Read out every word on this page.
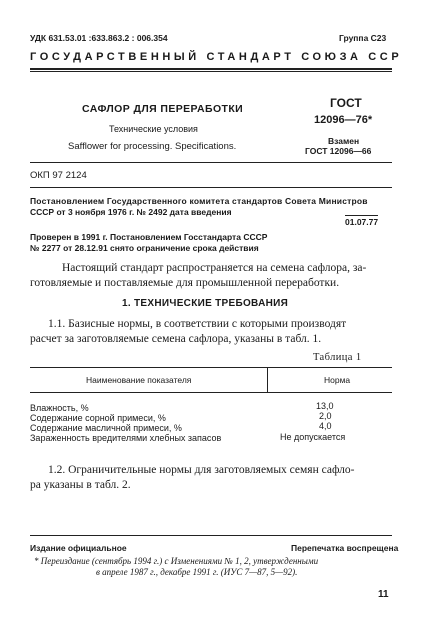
УДК 631.53.01 :633.863.2 : 006.354	Группа С23
ГОСУДАРСТВЕННЫЙ СТАНДАРТ СОЮЗА ССР
САФЛОР ДЛЯ ПЕРЕРАБОТКИ
Технические условия
Safflower for processing. Specifications.
ГОСТ
12096—76*
Взамен
ГОСТ 12096—66
ОКП 97 2124
Постановлением Государственного комитета стандартов Совета Министров
СССР от 3 ноября 1976 г. № 2492 дата введения
01.07.77
Проверен в 1991 г. Постановлением Госстандарта СССР
№ 2277 от 28.12.91 снято ограничение срока действия
Настоящий стандарт распространяется на семена сафлора, за-
готовляемые и поставляемые для промышленной переработки.
1. ТЕХНИЧЕСКИЕ ТРЕБОВАНИЯ
1.1. Базисные нормы, в соответствии с которыми производят
расчет за заготовляемые семена сафлора, указаны в табл. 1.
Таблица 1
Наименование показателя	Норма
Влажность, %	13,0
Содержание сорной примеси, %	2,0
Содержание масличной примеси, %	4,0
Зараженность вредителями хлебных запасов	Не допускается
1.2. Ограничительные нормы для заготовляемых семян сафло-
ра указаны в табл. 2.
Издание официальное	Перепечатка воспрещена
* Переиздание (сентябрь 1994 г.) с Изменениями № 1, 2, утвержденными
в апреле 1987 г., декабре 1991 г. (ИУС 7—87, 5—92).
11
